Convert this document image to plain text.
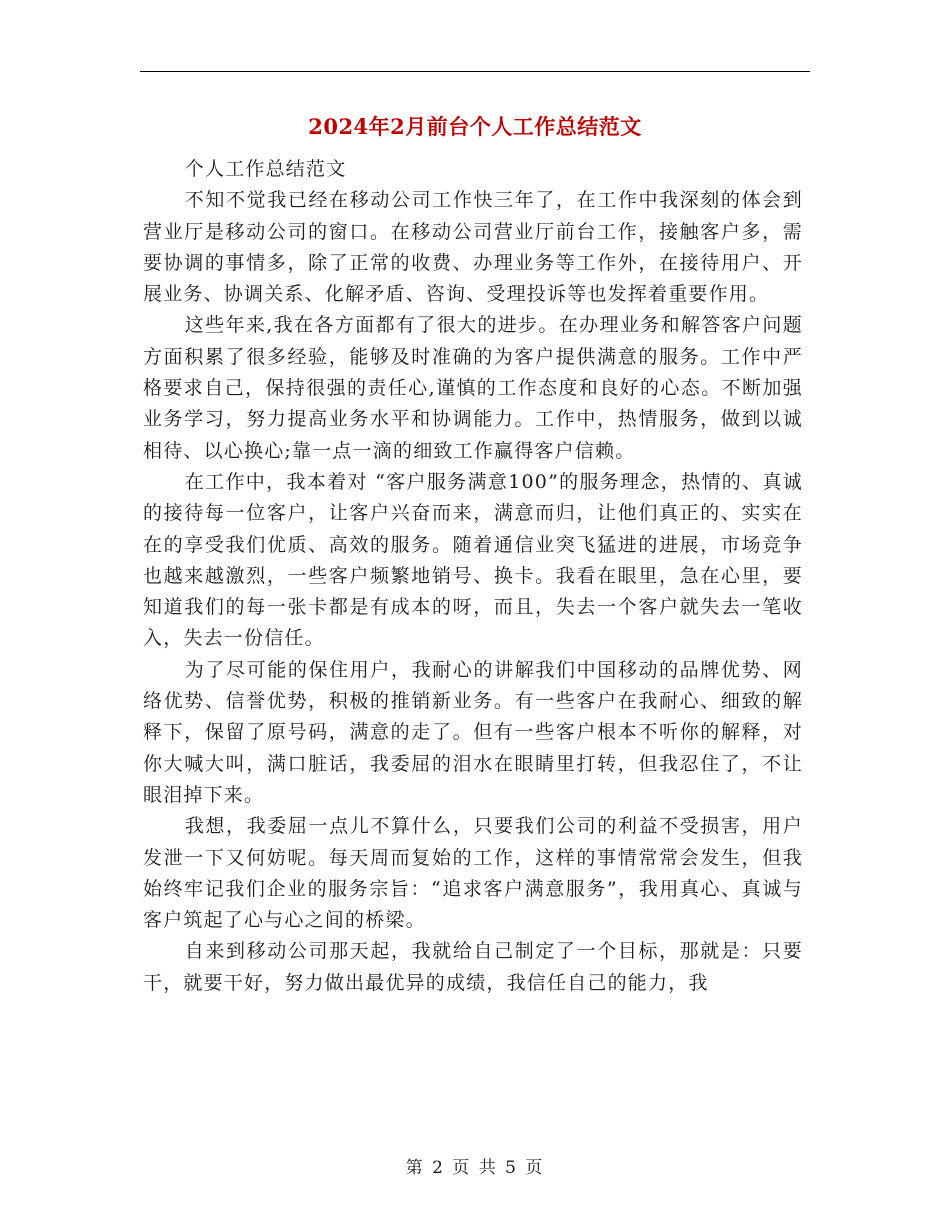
2024年2月前台个人工作总结范文

个人工作总结范文

不知不觉我已经在移动公司工作快三年了，在工作中我深刻的体会到营业厅是移动公司的窗口。在移动公司营业厅前台工作，接触客户多，需要协调的事情多，除了正常的收费、办理业务等工作外，在接待用户、开展业务、协调关系、化解矛盾、咨询、受理投诉等也发挥着重要作用。

这些年来,我在各方面都有了很大的进步。在办理业务和解答客户问题方面积累了很多经验，能够及时准确的为客户提供满意的服务。工作中严格要求自己，保持很强的责任心,谨慎的工作态度和良好的心态。不断加强业务学习，努力提高业务水平和协调能力。工作中，热情服务，做到以诚相待、以心换心;靠一点一滴的细致工作赢得客户信赖。

在工作中，我本着对 “客户服务满意100”的服务理念，热情的、真诚的接待每一位客户，让客户兴奋而来，满意而归，让他们真正的、实实在在的享受我们优质、高效的服务。随着通信业突飞猛进的进展，市场竞争也越来越激烈，一些客户频繁地销号、换卡。我看在眼里，急在心里，要知道我们的每一张卡都是有成本的呀，而且，失去一个客户就失去一笔收入，失去一份信任。

为了尽可能的保住用户，我耐心的讲解我们中国移动的品牌优势、网络优势、信誉优势，积极的推销新业务。有一些客户在我耐心、细致的解释下，保留了原号码，满意的走了。但有一些客户根本不听你的解释，对你大喊大叫，满口脏话，我委屈的泪水在眼睛里打转，但我忍住了，不让眼泪掉下来。

我想，我委屈一点儿不算什么，只要我们公司的利益不受损害，用户发泄一下又何妨呢。每天周而复始的工作，这样的事情常常会发生，但我始终牢记我们企业的服务宗旨：“追求客户满意服务”，我用真心、真诚与客户筑起了心与心之间的桥梁。

自来到移动公司那天起，我就给自己制定了一个目标，那就是：只要干，就要干好，努力做出最优异的成绩，我信任自己的能力，我

第 2 页 共 5 页
